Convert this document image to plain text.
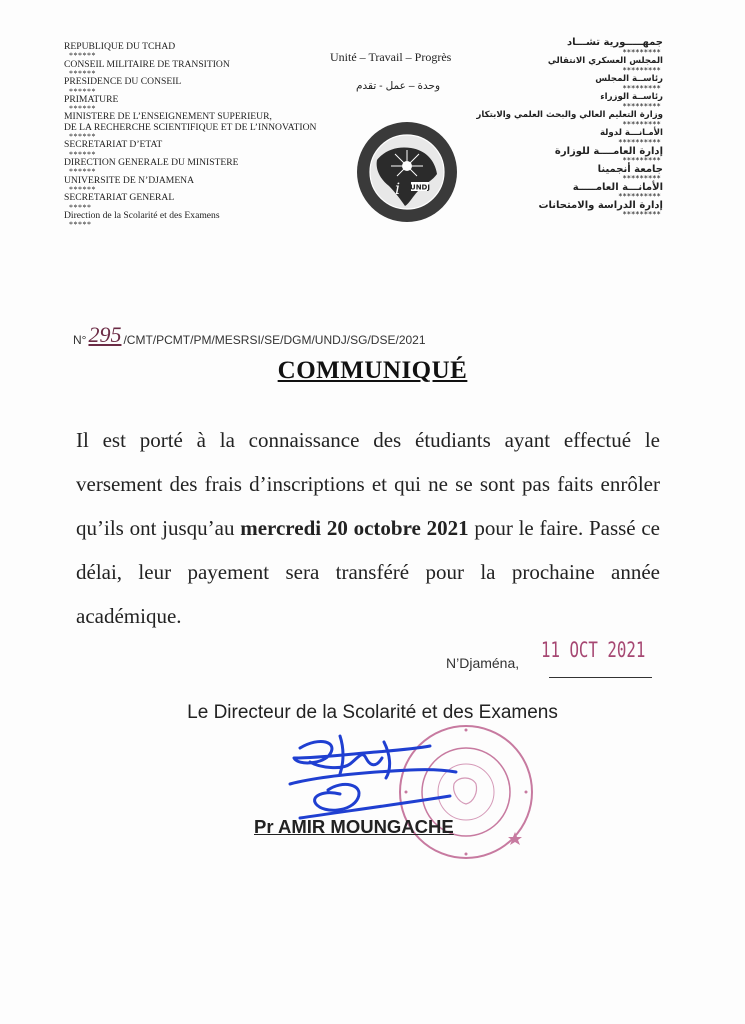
REPUBLIQUE DU TCHAD
******
CONSEIL MILITAIRE DE TRANSITION
******
PRESIDENCE DU CONSEIL
******
PRIMATURE
******
MINISTERE DE L’ENSEIGNEMENT SUPERIEUR,
DE LA RECHERCHE SCIENTIFIQUE ET DE L’INNOVATION
******
SECRETARIAT D’ETAT
******
DIRECTION GENERALE DU MINISTERE
******
UNIVERSITE DE N’DJAMENA
******
SECRETARIAT GENERAL
*****
Direction de la Scolarité et des Examens
*****
Unité – Travail – Progrès
وحدة – عمل - تقدم
UNDJ
i
جمهـــــورية تشـــاد
*********
المجلس العسكري الانتقالي
*********
رئاســة المجلس
*********
رئاســة الوزراء
*********
وزارة التعليم العالي والبحث العلمي والابتكار
*********
الأمـانـــة لدولة
**********
إدارة العامــــة للوزارة
*********
جامعة أنجمينا
*********
الأمانـــة العامـــــة
**********
إدارة الدراسة والامتحانات
*********
N°295 /CMT/PCMT/PM/MESRSI/SE/DGM/UNDJ/SG/DSE/2021
COMMUNIQUÉ
Il est porté à la connaissance des étudiants ayant effectué le versement des frais d’inscriptions et qui ne se sont pas faits enrôler qu’ils ont jusqu’au mercredi 20 octobre 2021 pour le faire. Passé ce délai, leur payement sera transféré pour la prochaine année académique.
N’Djaména,
11 OCT 2021
Le Directeur de la Scolarité et des Examens
Pr AMIR MOUNGACHE
